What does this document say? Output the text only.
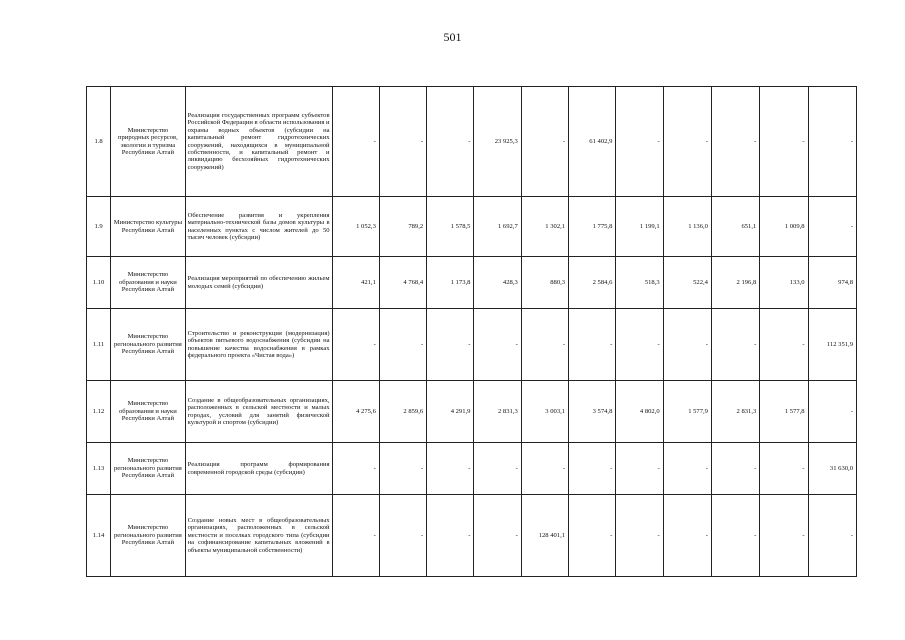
501
1.8	Министерство природных ресурсов, экологии и туризма Республики Алтай	Реализация государственных программ субъектов Российской Федерации в области использования и охраны водных объектов (субсидии на капитальный ремонт гидротехнических сооружений, находящихся в муниципальной собственности, и капитальный ремонт и ликвидацию бесхозяйных гидротехнических сооружений)	-	-	-	23 925,3	-	61 402,9	-	-	-	-	-
1.9	Министерство культуры Республики Алтай	Обеспечение развития и укрепления материально-технической базы домов культуры в населенных пунктах с числом жителей до 50 тысяч человек (субсидии)	1 052,3	789,2	1 578,5	1 692,7	1 302,1	1 775,8	1 199,1	1 136,0	651,1	1 009,8	-
1.10	Министерство образования и науки Республики Алтай	Реализация мероприятий по обеспечению жильем молодых семей (субсидии)	421,1	4 768,4	1 173,8	428,3	880,3	2 584,6	518,3	522,4	2 196,8	133,0	974,8
1.11	Министерство регионального развития Республики Алтай	Строительство и реконструкция (модернизация) объектов питьевого водоснабжения (субсидии на повышение качества водоснабжения в рамках федерального проекта «Чистая вода»)	-	-	-	-	-	-	-	-	-	-	112 351,9
1.12	Министерство образования и науки Республики Алтай	Создание в общеобразовательных организациях, расположенных в сельской местности и малых городах, условий для занятий физической культурой и спортом (субсидии)	4 275,6	2 859,6	4 291,9	2 831,3	3 003,1	3 574,8	4 802,0	1 577,9	2 831,3	1 577,8	-
1.13	Министерство регионального развития Республики Алтай	Реализация программ формирования современной городской среды (субсидии)	-	-	-	-	-	-	-	-	-	-	31 630,0
1.14	Министерство регионального развития Республики Алтай	Создание новых мест в общеобразовательных организациях, расположенных в сельской местности и поселках городского типа (субсидии на софинансирование капитальных вложений в объекты муниципальной собственности)	-	-	-	-	128 401,1	-	-	-	-	-	-
